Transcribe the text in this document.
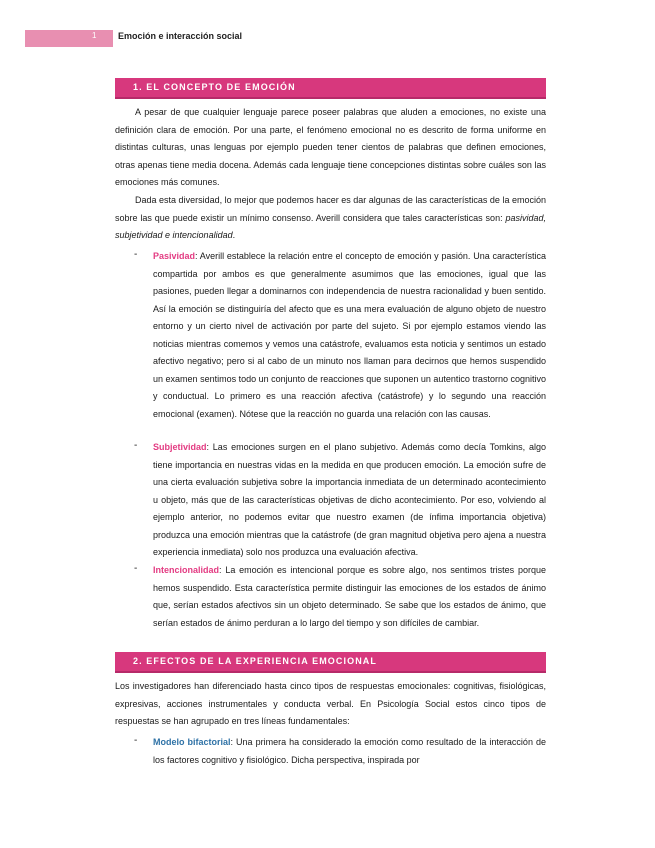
1 Emoción e interacción social
1. EL CONCEPTO DE EMOCIÓN

A pesar de que cualquier lenguaje parece poseer palabras que aluden a emociones, no existe una definición clara de emoción. Por una parte, el fenómeno emocional no es descrito de forma uniforme en distintas culturas, unas lenguas por ejemplo pueden tener cientos de palabras que definen emociones, otras apenas tiene media docena. Además cada lenguaje tiene concepciones distintas sobre cuáles son las emociones más comunes.

Dada esta diversidad, lo mejor que podemos hacer es dar algunas de las características de la emoción sobre las que puede existir un mínimo consenso. Averill considera que tales características son: pasividad, subjetividad e intencionalidad.

- Pasividad: Averill establece la relación entre el concepto de emoción y pasión. Una característica compartida por ambos es que generalmente asumimos que las emociones, igual que las pasiones, pueden llegar a dominarnos con independencia de nuestra racionalidad y buen sentido. Así la emoción se distinguiría del afecto que es una mera evaluación de alguno objeto de nuestro entorno y un cierto nivel de activación por parte del sujeto. Si por ejemplo estamos viendo las noticias mientras comemos y vemos una catástrofe, evaluamos esta noticia y sentimos un estado afectivo negativo; pero si al cabo de un minuto nos llaman para decirnos que hemos suspendido un examen sentimos todo un conjunto de reacciones que suponen un autentico trastorno cognitivo y conductual. Lo primero es una reacción afectiva (catástrofe) y lo segundo una reacción emocional (examen). Nótese que la reacción no guarda una relación con las causas.

- Subjetividad: Las emociones surgen en el plano subjetivo. Además como decía Tomkins, algo tiene importancia en nuestras vidas en la medida en que producen emoción. La emoción sufre de una cierta evaluación subjetiva sobre la importancia inmediata de un determinado acontecimiento u objeto, más que de las características objetivas de dicho acontecimiento. Por eso, volviendo al ejemplo anterior, no podemos evitar que nuestro examen (de ínfima importancia objetiva) produzca una emoción mientras que la catástrofe (de gran magnitud objetiva pero ajena a nuestra experiencia inmediata) solo nos produzca una evaluación afectiva.

- Intencionalidad: La emoción es intencional porque es sobre algo, nos sentimos tristes porque hemos suspendido. Esta característica permite distinguir las emociones de los estados de ánimo que, serían estados afectivos sin un objeto determinado. Se sabe que los estados de ánimo, que serían estados de ánimo perduran a lo largo del tiempo y son difíciles de cambiar.

2. EFECTOS DE LA EXPERIENCIA EMOCIONAL

Los investigadores han diferenciado hasta cinco tipos de respuestas emocionales: cognitivas, fisiológicas, expresivas, acciones instrumentales y conducta verbal. En Psicología Social estos cinco tipos de respuestas se han agrupado en tres líneas fundamentales:

- Modelo bifactorial: Una primera ha considerado la emoción como resultado de la interacción de los factores cognitivo y fisiológico. Dicha perspectiva, inspirada por
